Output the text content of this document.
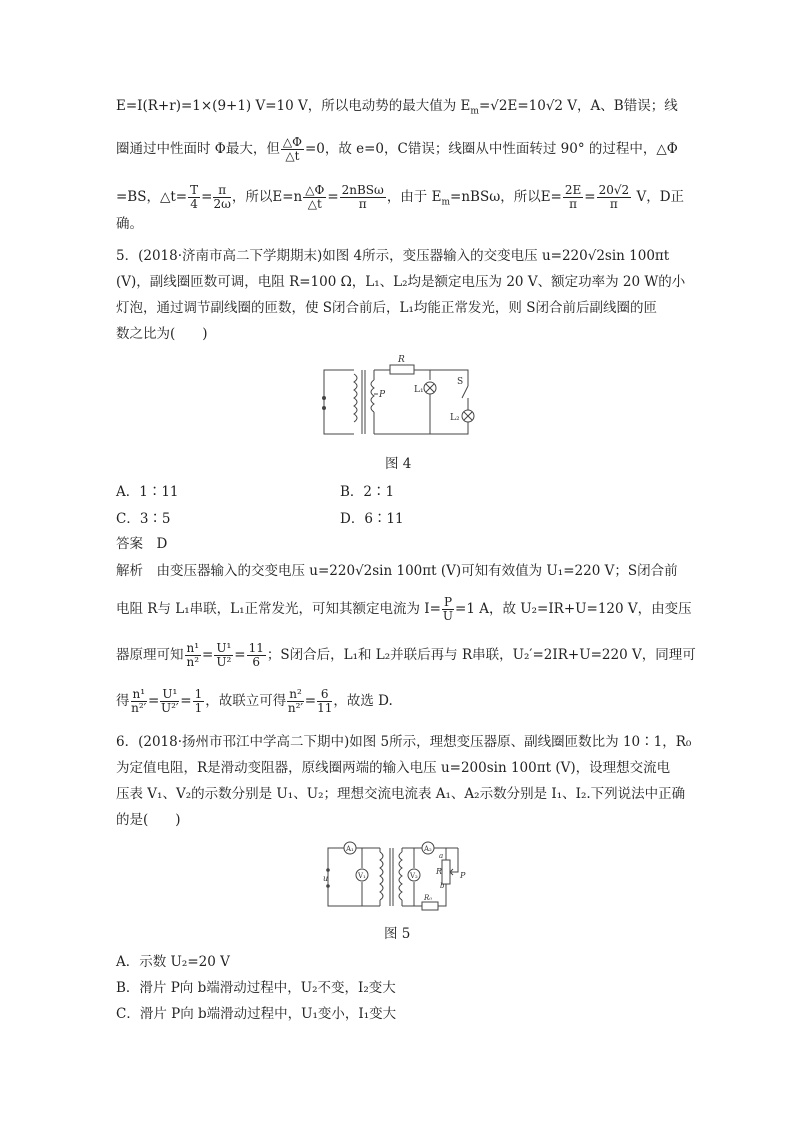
E=I(R+r)=1×(9+1) V=10 V，所以电动势的最大值为 $E_m=√2E=10√2$ V，A、B错误；线
圈通过中性面时 Φ最大，但 $\frac{\triangle\Phi}{\triangle t} =0$，故 e=0，C错误；线圈从中性面转过 90° 的过程中，△Φ
=BS，△t= $\frac{T}{4} = \frac{\pi}{2\omega}$ ，所以$E=n \frac{\triangle\Phi}{\triangle t} = \frac{\text{2nBSω}}{\pi}$ ，由于 $E_m=nBS\omega$，所以$E= \frac{2E}{\pi} = \frac{20√2}{\pi}$ V，D正
确。
5．(2018·济南市高二下学期期末)如图 4所示，变压器输入的交变电压 u=220√2sin 100πt
(V)，副线圈匝数可调，电阻 R=100 Ω，L₁、L₂均是额定电压为 20 V、额定功率为 20 W的小
灯泡，通过调节副线圈的匝数，使 S闭合前后，L₁均能正常发光，则 S闭合前后副线圈的匝
数之比为(　　)
R
S
P	L₁
L₂
图 4
A．1∶11	B．2∶1
C．3∶5	D．6∶11
答案　D
解析　由变压器输入的交变电压 u=220√2sin 100πt (V)可知有效值为 U₁=220 V；S闭合前
电阻 R与 L₁串联，L₁正常发光，可知其额定电流为 $I= \frac{P}{U} =1$ A，故 U₂=IR+U=120 V，由变压
器原理可知 $\frac{\text{n¹}}{\text{n²}} = \frac{\text{U¹}}{\text{U²}} = \frac{11}{6}$ ；S闭合后，L₁和 L₂并联后再与 R串联，U₂′=2IR+U=220 V，同理可
得 $\frac{\text{n¹}}{\text{n²′}} = \frac{\text{U¹}}{\text{U²′}} = \frac{1}{1}$ ，故联立可得 $\frac{\text{n²}}{\text{n²′}} = \frac{6}{11}$ ，故选 D.
6．(2018·扬州市邗江中学高二下期中)如图 5所示，理想变压器原、副线圈匝数比为 10∶1，R₀
为定值电阻，R是滑动变阻器，原线圈两端的输入电压 u=200sin 100πt (V)，设理想交流电
压表 V₁、V₂的示数分别是 U₁、U₂；理想交流电流表 A₁、A₂示数分别是 I₁、I₂.下列说法中正确
的是(　　)
A₁
u	V₁
A₂
V₂
a
R
b
P
R₀
图 5
A．示数 U₂=20 V
B．滑片 P向 b端滑动过程中，U₂不变，I₂变大
C．滑片 P向 b端滑动过程中，U₁变小，I₁变大
